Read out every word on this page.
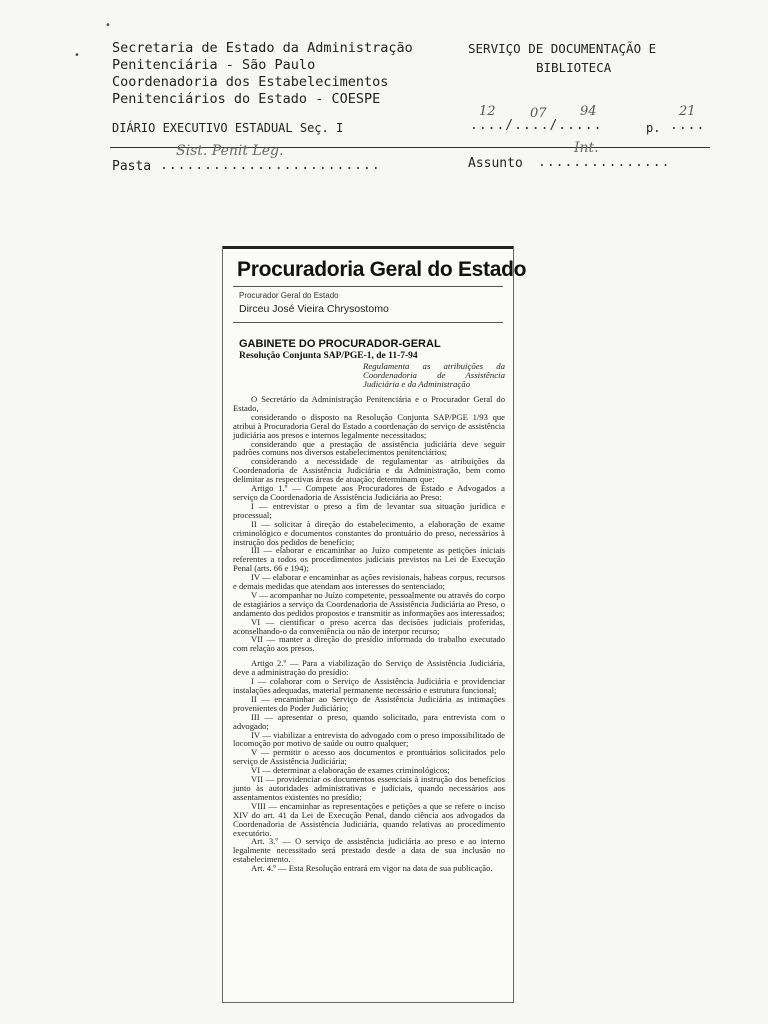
Secretaria de Estado da Administração
Penitenciária - São Paulo
Coordenadoria dos Estabelecimentos
Penitenciários do Estado - COESPE
SERVIÇO DE DOCUMENTAÇÃO E
BIBLIOTECA
DIÁRIO EXECUTIVO ESTADUAL Seç. I
12	07	94	21
..../..../.....	p. ....
Pasta .........................
Sist. Penit Leg.
Assunto ...............
Int.
•
•
Procuradoria Geral do Estado
Procurador Geral do Estado
Dirceu José Vieira Chrysostomo
GABINETE DO PROCURADOR-GERAL
Resolução Conjunta SAP/PGE-1, de 11-7-94
Regulamenta as atribuições da Coordenadoria de Assistência Judiciária e da Administração

O Secretário da Administração Penitenciária e o Procurador Geral do Estado,

considerando o disposto na Resolução Conjunta SAP/PGE 1/93 que atribui à Procuradoria Geral do Estado a coordenação do serviço de assistência judiciária aos presos e internos legalmente necessitados;

considerando que a prestação de assistência judiciária deve seguir padrões comuns nos diversos estabelecimentos penitenciários;

considerando a necessidade de regulamentar as atribuições da Coordenadoria de Assistência Judiciária e da Administração, bem como delimitar as respectivas áreas de atuação; determinam que:

Artigo 1.º — Compete aos Procuradores de Estado e Advogados a serviço da Coordenadoria de Assistência Judiciária ao Preso:

I — entrevistar o preso a fim de levantar sua situação jurídica e processual;

II — solicitar à direção do estabelecimento, a elaboração de exame criminológico e documentos constantes do prontuário do preso, necessários à instrução dos pedidos de benefício;

III — elaborar e encaminhar ao Juízo competente as petições iniciais referentes a todos os procedimentos judiciais previstos na Lei de Execução Penal (arts. 66 e 194);

IV — elaborar e encaminhar as ações revisionais, habeas corpus, recursos e demais medidas que atendam aos interesses do sentenciado;

V — acompanhar no Juízo competente, pessoalmente ou através do corpo de estagiários a serviço da Coordenadoria de Assistência Judiciária ao Preso, o andamento dos pedidos propostos e transmitir as informações aos interessados;

VI — cientificar o preso acerca das decisões judiciais proferidas, aconselhando-o da conveniência ou não de interpor recurso;

VII — manter a direção do presídio informada do trabalho executado com relação aos presos.

Artigo 2.º — Para a viabilização do Serviço de Assistência Judiciária, deve a administração do presídio:

I — colaborar com o Serviço de Assistência Judiciária e providenciar instalações adequadas, material permanente necessário e estrutura funcional;

II — encaminhar ao Serviço de Assistência Judiciária as intimações provenientes do Poder Judiciário;

III — apresentar o preso, quando solicitado, para entrevista com o advogado;

IV — viabilizar a entrevista do advogado com o preso impossibilitado de locomoção por motivo de saúde ou outro qualquer;

V — permitir o acesso aos documentos e prontuários solicitados pelo serviço de Assistência Judiciária;

VI — determinar a elaboração de exames criminológicos;

VII — providenciar os documentos essenciais à instrução dos benefícios junto às autoridades administrativas e judiciais, quando necessários aos assentamentos existentes no presídio;

VIII — encaminhar as representações e petições a que se refere o inciso XIV do art. 41 da Lei de Execução Penal, dando ciência aos advogados da Coordenadoria de Assistência Judiciária, quando relativas ao procedimento executório.

Art. 3.º — O serviço de assistência judiciária ao preso e ao interno legalmente necessitado será prestado desde a data de sua inclusão no estabelecimento.

Art. 4.º — Esta Resolução entrará em vigor na data de sua publicação.
